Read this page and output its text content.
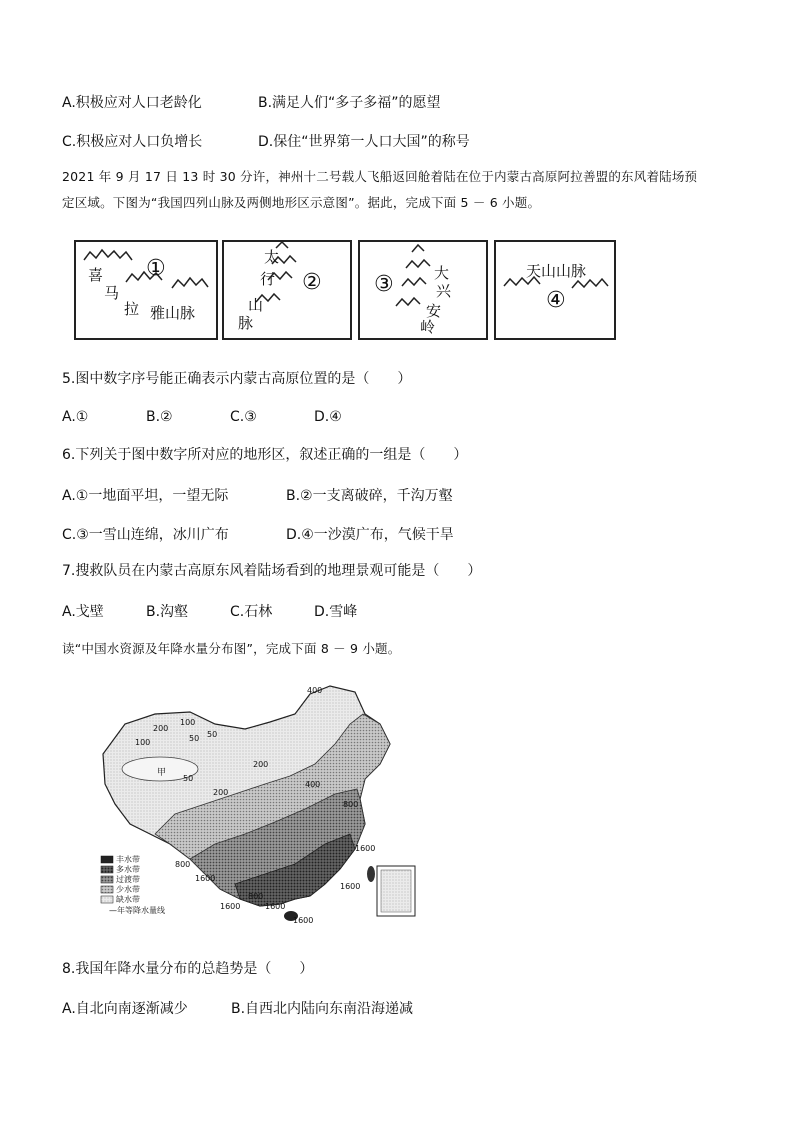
A.积极应对人口老龄化	B.满足人们“多子多福”的愿望
C.积极应对人口负增长	D.保住“世界第一人口大国”的称号
2021 年 9 月 17 日 13 时 30 分许，神州十二号载人飞船返回舱着陆在位于内蒙古高原阿拉善盟的东风着陆场预
定区域。下图为“我国四列山脉及两侧地形区示意图”。据此，完成下面 5 － 6 小题。
喜
马
拉 雅山脉
①	太
行
山
脉
②	大
兴
安
岭
③
天山山脉
④
5.图中数字序号能正确表示内蒙古高原位置的是（　　）
A.①	B.②	C.③	D.④
6.下列关于图中数字所对应的地形区，叙述正确的一组是（　　）
A.①一地面平坦，一望无际	B.②一支离破碎，千沟万壑
C.③一雪山连绵，冰川广布	D.④一沙漠广布，气候干旱
7.搜救队员在内蒙古高原东风着陆场看到的地理景观可能是（　　）
A.戈壁	B.沟壑	C.石林	D.雪峰
读“中国水资源及年降水量分布图”，完成下面 8 － 9 小题。
丰水带
多水带
过渡带
少水带
缺水带
—年等降水量线
400
200
50
100
50
100
200
400
50
200
800
1600
800
1600
1600
1600
1600
800
1600
甲
8.我国年降水量分布的总趋势是（　　）
A.自北向南逐渐减少	B.自西北内陆向东南沿海递减
